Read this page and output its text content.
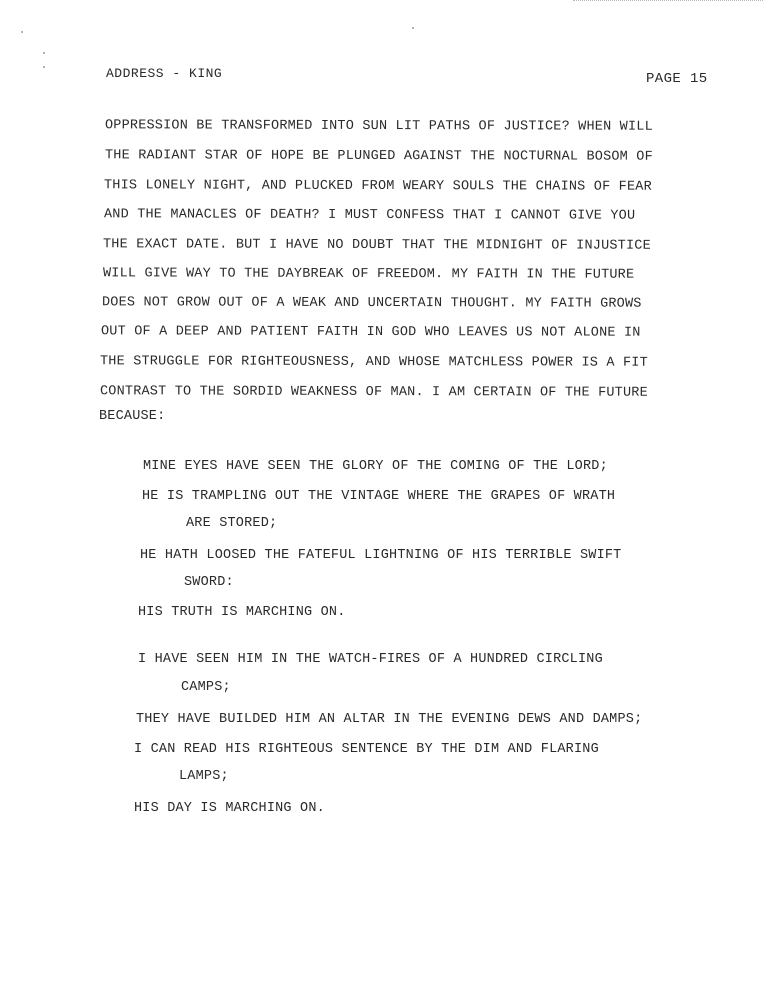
ADDRESS - KING	PAGE 15
OPPRESSION BE TRANSFORMED INTO SUN LIT PATHS OF JUSTICE? WHEN WILL
THE RADIANT STAR OF HOPE BE PLUNGED AGAINST THE NOCTURNAL BOSOM OF
THIS LONELY NIGHT, AND PLUCKED FROM WEARY SOULS THE CHAINS OF FEAR
AND THE MANACLES OF DEATH? I MUST CONFESS THAT I CANNOT GIVE YOU
THE EXACT DATE. BUT I HAVE NO DOUBT THAT THE MIDNIGHT OF INJUSTICE
WILL GIVE WAY TO THE DAYBREAK OF FREEDOM. MY FAITH IN THE FUTURE
DOES NOT GROW OUT OF A WEAK AND UNCERTAIN THOUGHT. MY FAITH GROWS
OUT OF A DEEP AND PATIENT FAITH IN GOD WHO LEAVES US NOT ALONE IN
THE STRUGGLE FOR RIGHTEOUSNESS, AND WHOSE MATCHLESS POWER IS A FIT
CONTRAST TO THE SORDID WEAKNESS OF MAN. I AM CERTAIN OF THE FUTURE
BECAUSE:
MINE EYES HAVE SEEN THE GLORY OF THE COMING OF THE LORD;
HE IS TRAMPLING OUT THE VINTAGE WHERE THE GRAPES OF WRATH
ARE STORED;
HE HATH LOOSED THE FATEFUL LIGHTNING OF HIS TERRIBLE SWIFT
SWORD:
HIS TRUTH IS MARCHING ON.
I HAVE SEEN HIM IN THE WATCH-FIRES OF A HUNDRED CIRCLING
CAMPS;
THEY HAVE BUILDED HIM AN ALTAR IN THE EVENING DEWS AND DAMPS;
I CAN READ HIS RIGHTEOUS SENTENCE BY THE DIM AND FLARING
LAMPS;
HIS DAY IS MARCHING ON.
